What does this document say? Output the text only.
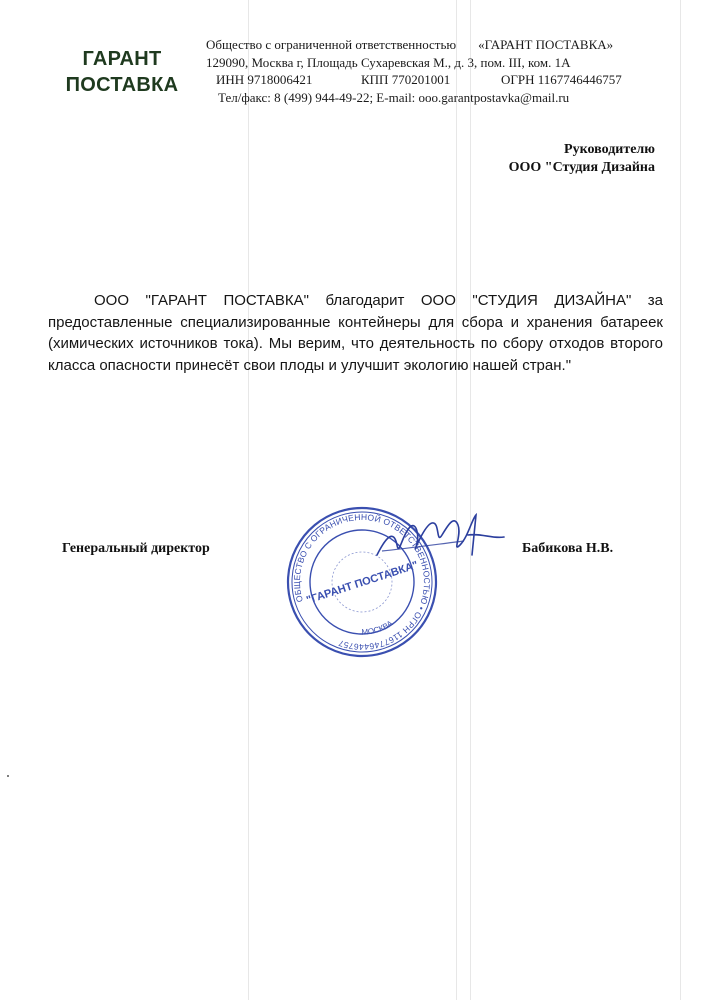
ГАРАНТ
ПОСТАВКА
Общество с ограниченной ответственностью «ГАРАНТ ПОСТАВКА»
129090, Москва г, Площадь Сухаревская М., д. 3, пом. III, ком. 1А
ИНН 9718006421	КПП 770201001	ОГРН 1167746446757
Тел/факс: 8 (499) 944-49-22; E-mail: ooo.garantpostavka@mail.ru
Руководителю
ООО "Студия Дизайна
ООО "ГАРАНТ ПОСТАВКА" благодарит ООО "СТУДИЯ ДИЗАЙНА" за предоставленные специализированные контейнеры для сбора и хранения батареек (химических источников тока). Мы верим, что деятельность по сбору отходов второго класса опасности принесёт свои плоды и улучшит экологию нашей стран."
Генеральный директор	Бабикова Н.В.
ОБЩЕСТВО С ОГРАНИЧЕННОЙ ОТВЕТСТВЕННОСТЬЮ • ОГРН 1167746446757
"ГАРАНТ ПОСТАВКА"
МОСКВА
